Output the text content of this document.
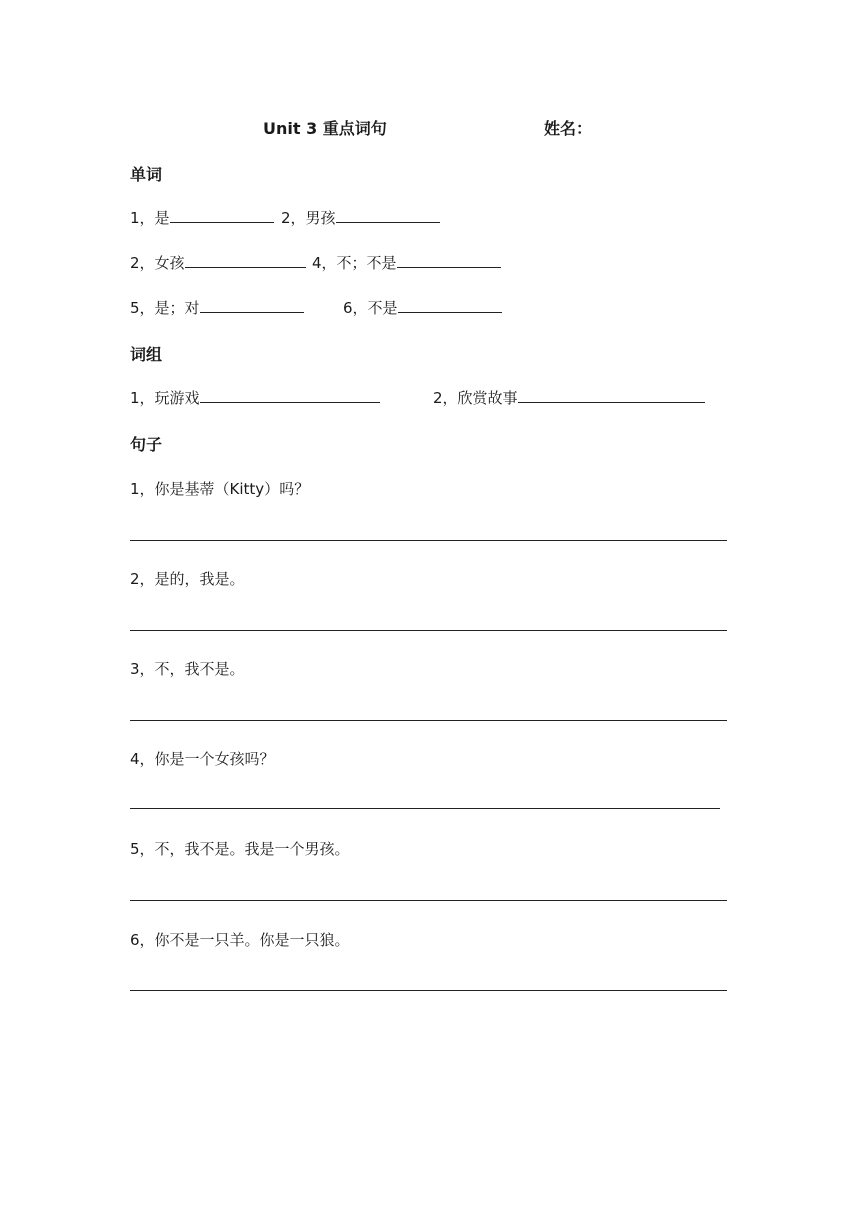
Unit 3 重点词句	姓名：
单词
1，是	2，男孩
2，女孩	4，不；不是
5，是；对	6，不是
词组
1，玩游戏	2，欣赏故事
句子
1，你是基蒂（Kitty）吗？
2，是的，我是。
3，不，我不是。
4，你是一个女孩吗？
5，不，我不是。我是一个男孩。
6，你不是一只羊。你是一只狼。
